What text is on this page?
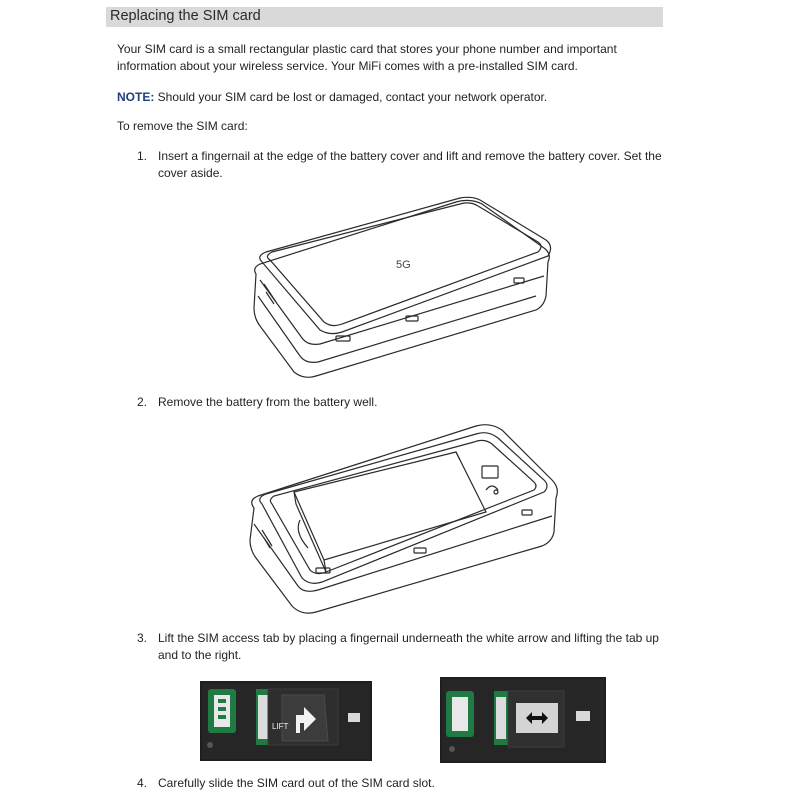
Replacing the SIM card

Your SIM card is a small rectangular plastic card that stores your phone number and important information about your wireless service. Your MiFi comes with a pre-installed SIM card.

NOTE: Should your SIM card be lost or damaged, contact your network operator.

To remove the SIM card:

1. Insert a fingernail at the edge of the battery cover and lift and remove the battery cover. Set the cover aside.
5G
2. Remove the battery from the battery well.
3. Lift the SIM access tab by placing a fingernail underneath the white arrow and lifting the tab up and to the right.
LIFT
4. Carefully slide the SIM card out of the SIM card slot.
